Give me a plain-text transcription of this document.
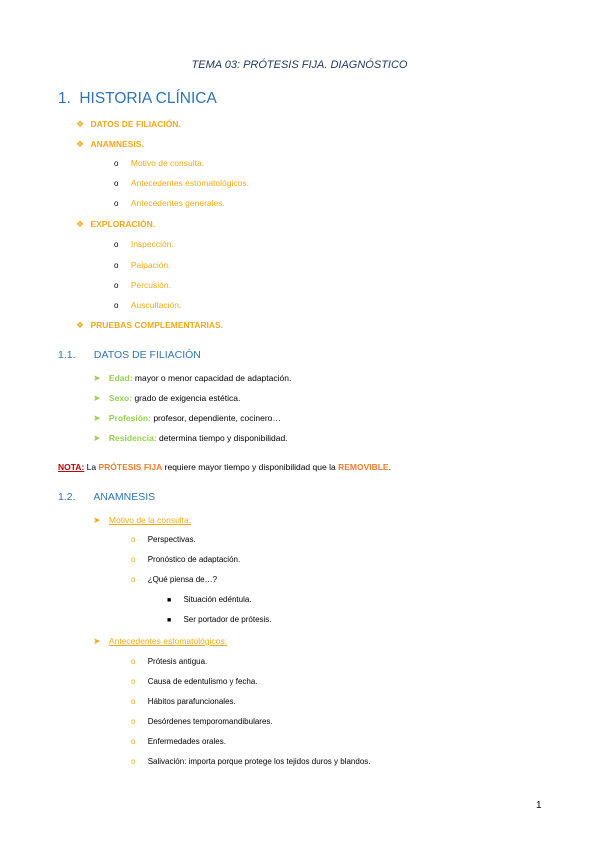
TEMA 03: PRÓTESIS FIJA. DIAGNÓSTICO
1. HISTORIA CLÍNICA
❖ DATOS DE FILIACIÓN.
❖ ANAMNESIS.
o Motivo de consulta.
o Antecedentes estomatológicos.
o Antecedentes generales.
❖ EXPLORACIÓN.
o Inspección.
o Palpación.
o Percusión.
o Auscultación.
❖ PRUEBAS COMPLEMENTARIAS.
1.1. DATOS DE FILIACIÓN
➤ Edad: mayor o menor capacidad de adaptación.
➤ Sexo: grado de exigencia estética.
➤ Profesión: profesor, dependiente, cocinero…
➤ Residencia: determina tiempo y disponibilidad.
NOTA: La PRÓTESIS FIJA requiere mayor tiempo y disponibilidad que la REMOVIBLE.
1.2. ANAMNESIS
➤ Motivo de la consulta:
o Perspectivas.
o Pronóstico de adaptación.
o ¿Qué piensa de…?
■ Situación edéntula.
■ Ser portador de prótesis.
➤ Antecedentes estomatológicos:
o Prótesis antigua.
o Causa de edentulismo y fecha.
o Hábitos parafuncionales.
o Desórdenes temporomandibulares.
o Enfermedades orales.
o Salivación: importa porque protege los tejidos duros y blandos.
1
